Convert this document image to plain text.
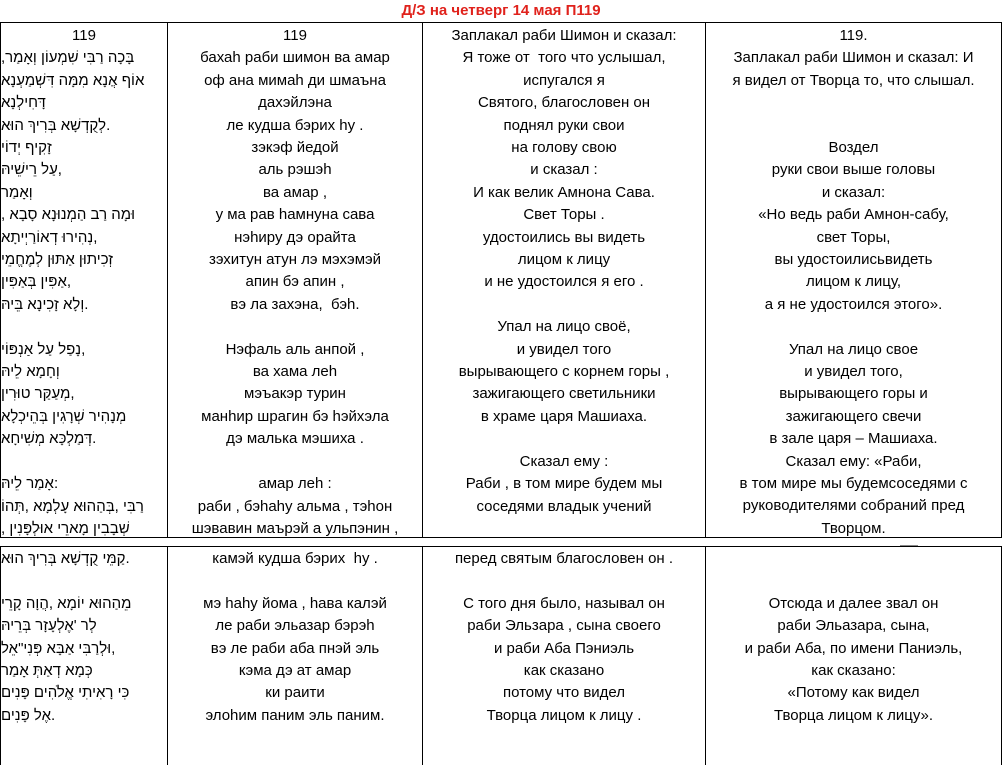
Д/З на четверг 14 мая П119
119
בָּכָה רַבִּי שִׁמְעוֹן וְאָמַר,
אוֹף אֲנָא מִמָּה דִּשְׁמַעְנָא
דָּחִילְנָא
.לְקֻדְשָׁא בְּרִיךְ הוּא
זָקִיף יְדוֹי
,עַל רֵישֵׁיהּ
וְאָמַר
וּמָה רַב הַמְנוּנָא סָבָא ,
,נְהִירוּ דְאוֹרַיְיתָא
זְכִיתוּן אַתּוּן לְמֶחֱמֵי
,אַפִּין בְּאַפִּין
.וְלָא זָכִינָא בֵּיהּ
,נָפַל עַל אַנְפּוֹי
וְחָמָא לֵיהּ
,מְעַקַּר טוּרִין
מְנָהִיר שְׁרָגִין בְּהֵיכְלָא
.דְּמַלְכָּא מְשִׁיחָא
:אָמַר לֵיהּ
רַבִּי ,בְּהַהוּא עָלְמָא ,תְּהוֹ
שְׁבָבִין מָארֵי אוּלְפָּנִין ,
119
бахаh раби шимон ва амар
оф ана мимаh ди шмаъна
дахэйлэна
ле кудша бэрих hу .
зэкэф йедой
аль рэшэh
ва амар ,
у ма рав hамнуна сава
нэhиру дэ орайта
зэхитун атун лэ мэхэмэй
апин бэ апин ,
вэ ла захэна,  бэh.
Нэфаль аль анпой ,
ва хама леh
мэъакэр турин
манhир шрагин бэ hэйхэла
дэ малька мэшиха .
амар леh :
раби , бэhаhу альма , тэhон
шэвавин маърэй а ульпэнин ,
Заплакал раби Шимон и сказал:
Я тоже от  того что услышал,
испугался я
Святого, благословен он
поднял руки свои
на голову свою
и сказал :
И как велик Амнона Сава.
Свет Торы .
удостоились вы видеть
лицом к лицу
и не удостоился я его .
Упал на лицо своё,
и увидел того
вырывающего с корнем горы ,
зажигающего светильники
в храме царя Машиаха.
Сказал ему :
Раби , в том мире будем мы
соседями владык учений
119.
Заплакал раби Шимон и сказал: И
я видел от Творца то, что слышал.
Воздел
руки свои выше головы
и сказал:
«Но ведь раби Амнон-сабу,
свет Торы,
вы удостоилисьвидеть
лицом к лицу,
а я не удостоился этого».
Упал на лицо свое
и увидел того,
вырывающего горы и
зажигающего свечи
в зале царя – Машиаха.
Сказал ему: «Раби,
в том мире мы будемсоседями с
руководителями собраний пред
Творцом.
.קַמֵּי קֻדְשָׁא בְּרִיךְ הוּא
מֵהַהוּא יוֹמָא ,הֲוָה קָרֵי
לְר 'אֶלְעָזָר בְּרֵיהּ
,וּלְרַבִּי אַבָּא פְּנִי"אֵל
כְּמָא דְאַתְּ אָמַר
כִּי רָאִיתִי אֱלֹהִים פָּנִים
.אֶל פָּנִים
камэй кудша бэрих  hу .
мэ hаhу йома , hава калэй
ле раби эльазар бэрэh
вэ ле раби аба пнэй эль
кэма дэ ат амар
ки раити
элоhим паним эль паним.
перед святым благословен он .
С того дня было, называл он
раби Эльзара , сына своего
и раби Аба Пэниэль
как сказано
потому что видел
Творца лицом к лицу .
Отсюда и далее звал он
раби Эльазара, сына,
и раби Аба, по имени Паниэль,
как сказано:
«Потому как видел
Творца лицом к лицу».
